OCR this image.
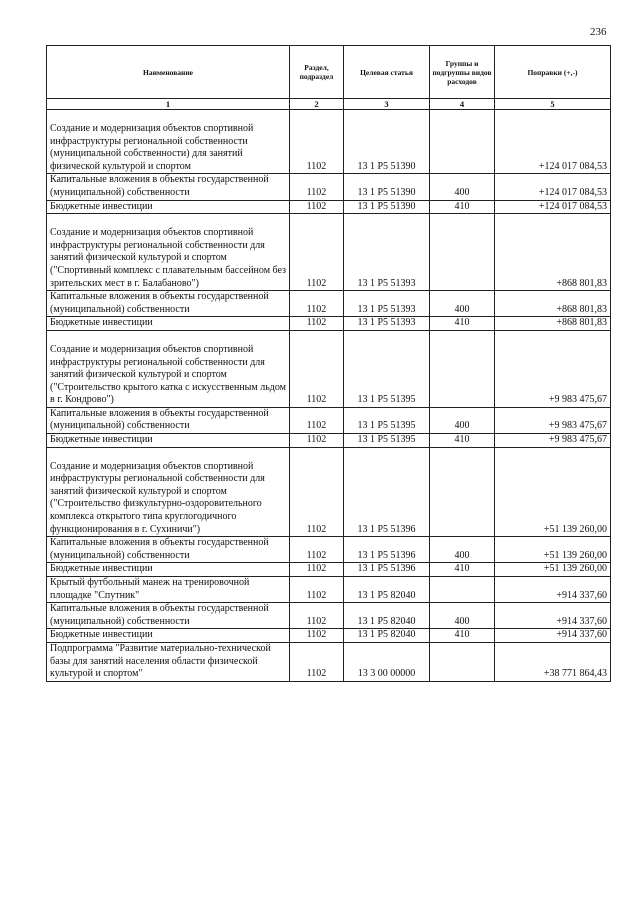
236
Наименование	Раздел, подраздел	Целевая статья	Группы и подгруппы видов расходов	Поправки (+,-)
1	2	3	4	5
Создание и модернизация объектов спортивной инфраструктуры региональной собственности (муниципальной собственности) для занятий физической культурой и спортом	1102	13 1 P5 51390		+124 017 084,53
Капитальные вложения в объекты государственной (муниципальной) собственности	1102	13 1 P5 51390	400	+124 017 084,53
Бюджетные инвестиции	1102	13 1 P5 51390	410	+124 017 084,53
Создание и модернизация объектов спортивной инфраструктуры региональной собственности для занятий физической культурой и спортом ("Спортивный комплекс с плавательным бассейном без зрительских мест в г. Балабаново")	1102	13 1 P5 51393		+868 801,83
Капитальные вложения в объекты государственной (муниципальной) собственности	1102	13 1 P5 51393	400	+868 801,83
Бюджетные инвестиции	1102	13 1 P5 51393	410	+868 801,83
Создание и модернизация объектов спортивной инфраструктуры региональной собственности для занятий физической культурой и спортом ("Строительство крытого катка с искусственным льдом в г. Кондрово")	1102	13 1 P5 51395		+9 983 475,67
Капитальные вложения в объекты государственной (муниципальной) собственности	1102	13 1 P5 51395	400	+9 983 475,67
Бюджетные инвестиции	1102	13 1 P5 51395	410	+9 983 475,67
Создание и модернизация объектов спортивной инфраструктуры региональной собственности для занятий физической культурой и спортом ("Строительство физкультурно-оздоровительного комплекса открытого типа круглогодичного функционирования в г. Сухиничи")	1102	13 1 P5 51396		+51 139 260,00
Капитальные вложения в объекты государственной (муниципальной) собственности	1102	13 1 P5 51396	400	+51 139 260,00
Бюджетные инвестиции	1102	13 1 P5 51396	410	+51 139 260,00
Крытый футбольный манеж на тренировочной площадке "Спутник"	1102	13 1 P5 82040		+914 337,60
Капитальные вложения в объекты государственной (муниципальной) собственности	1102	13 1 P5 82040	400	+914 337,60
Бюджетные инвестиции	1102	13 1 P5 82040	410	+914 337,60
Подпрограмма "Развитие материально-технической базы для занятий населения области физической культурой и спортом"	1102	13 3 00 00000		+38 771 864,43
